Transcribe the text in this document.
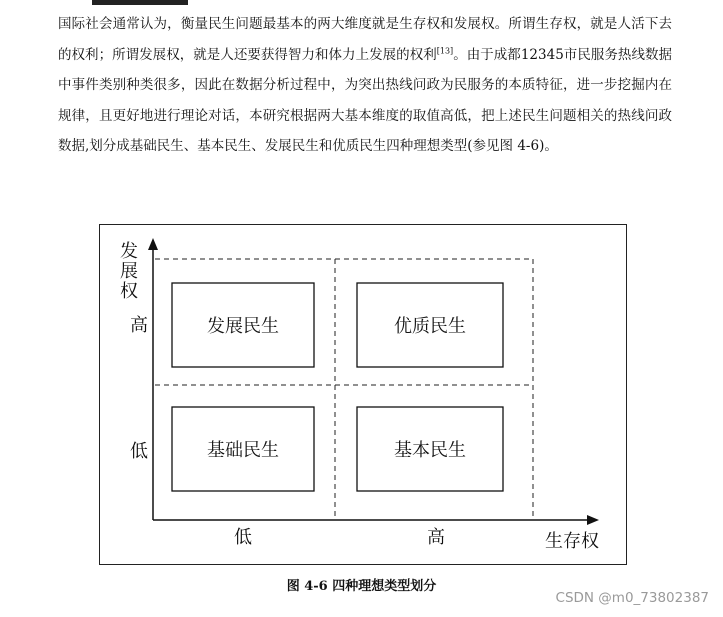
国际社会通常认为，衡量民生问题最基本的两大维度就是生存权和发展权。所谓生存权，就是人活下去的权利；所谓发展权，就是人还要获得智力和体力上发展的权利[13]。由于成都12345市民服务热线数据中事件类别种类很多，因此在数据分析过程中，为突出热线问政为民服务的本质特征，进一步挖掘内在规律，且更好地进行理论对话，本研究根据两大基本维度的取值高低，把上述民生问题相关的热线问政数据,划分成基础民生、基本民生、发展民生和优质民生四种理想类型(参见图 4-6)。

发展民生	优质民生
基础民生	基本民生
发
展
权
高
低
低	高	生存权
图 4-6 四种理想类型划分
CSDN @m0_73802387
